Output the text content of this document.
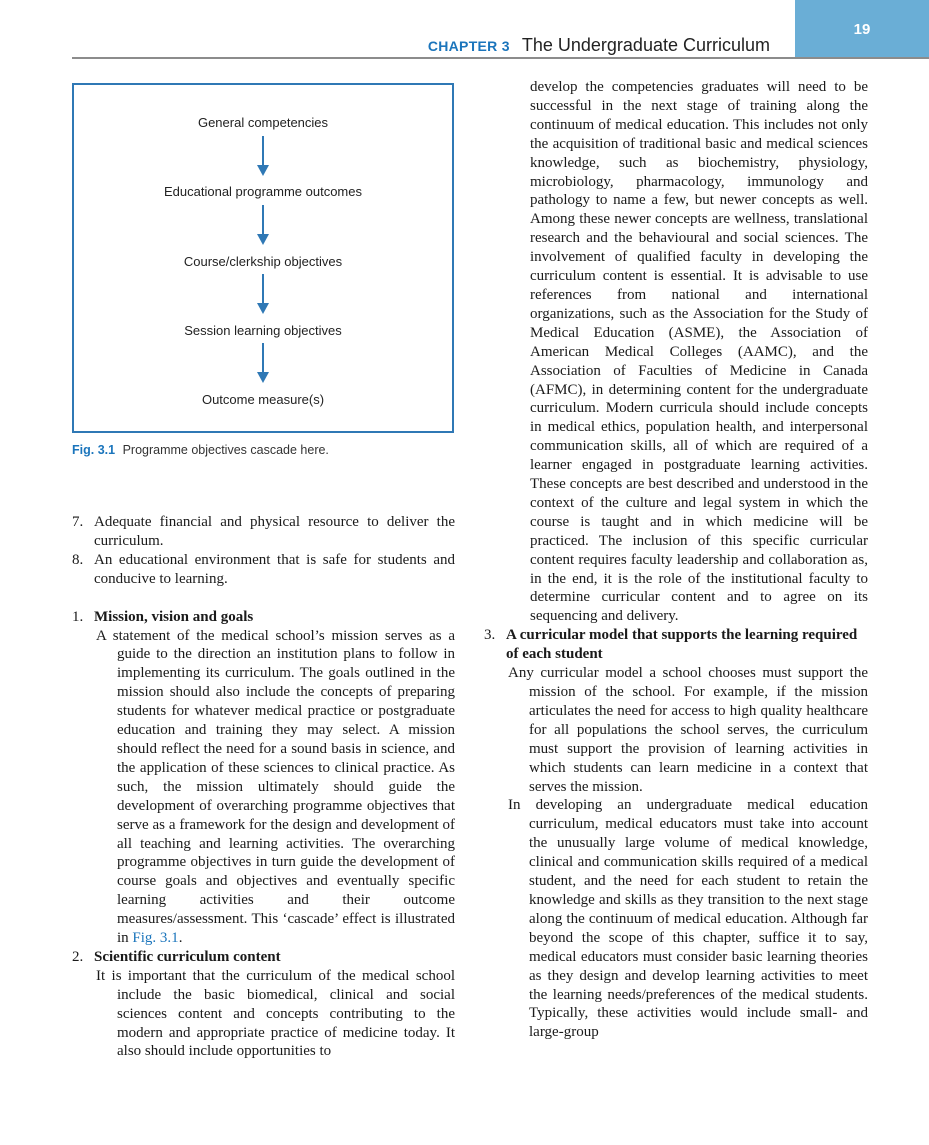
CHAPTER 3 The Undergraduate Curriculum
19
General competencies
Educational programme outcomes
Course/clerkship objectives
Session learning objectives
Outcome measure(s)
Fig. 3.1 Programme objectives cascade here.
7. Adequate financial and physical resource to deliver the curriculum.
8. An educational environment that is safe for students and conducive to learning.
1. Mission, vision and goals

A statement of the medical school’s mission serves as a guide to the direction an institution plans to follow in implementing its curriculum. The goals outlined in the mission should also include the concepts of preparing students for whatever medical practice or postgraduate education and training they may select. A mission should reflect the need for a sound basis in science, and the application of these sciences to clinical practice. As such, the mission ultimately should guide the development of overarching programme objectives that serve as a framework for the design and development of all teaching and learning activities. The overarching programme objectives in turn guide the development of course goals and objectives and eventually specific learning activities and their outcome measures/assessment. This ‘cascade’ effect is illustrated in Fig. 3.1.

2. Scientific curriculum content

It is important that the curriculum of the medical school include the basic biomedical, clinical and social sciences content and concepts contributing to the modern and appropriate practice of medicine today. It also should include opportunities to

develop the competencies graduates will need to be successful in the next stage of training along the continuum of medical education. This includes not only the acquisition of traditional basic and medical sciences knowledge, such as biochemistry, physiology, microbiology, pharmacology, immunology and pathology to name a few, but newer concepts as well. Among these newer concepts are wellness, translational research and the behavioural and social sciences. The involvement of qualified faculty in developing the curriculum content is essential. It is advisable to use references from national and international organizations, such as the Association for the Study of Medical Education (ASME), the Association of American Medical Colleges (AAMC), and the Association of Faculties of Medicine in Canada (AFMC), in determining content for the undergraduate curriculum. Modern curricula should include concepts in medical ethics, population health, and interpersonal communication skills, all of which are required of a learner engaged in postgraduate learning activities. These concepts are best described and understood in the context of the culture and legal system in which the course is taught and in which medicine will be practiced. The inclusion of this specific curricular content requires faculty leadership and collaboration as, in the end, it is the role of the institutional faculty to determine curricular content and to agree on its sequencing and delivery.

3. A curricular model that supports the learning required of each student

Any curricular model a school chooses must support the mission of the school. For example, if the mission articulates the need for access to high quality healthcare for all populations the school serves, the curriculum must support the provision of learning activities in which students can learn medicine in a context that serves the mission.

In developing an undergraduate medical education curriculum, medical educators must take into account the unusually large volume of medical knowledge, clinical and communication skills required of a medical student, and the need for each student to retain the knowledge and skills as they transition to the next stage along the continuum of medical education. Although far beyond the scope of this chapter, suffice it to say, medical educators must consider basic learning theories as they design and develop learning activities to meet the learning needs/preferences of the medical students. Typically, these activities would include small- and large-group
